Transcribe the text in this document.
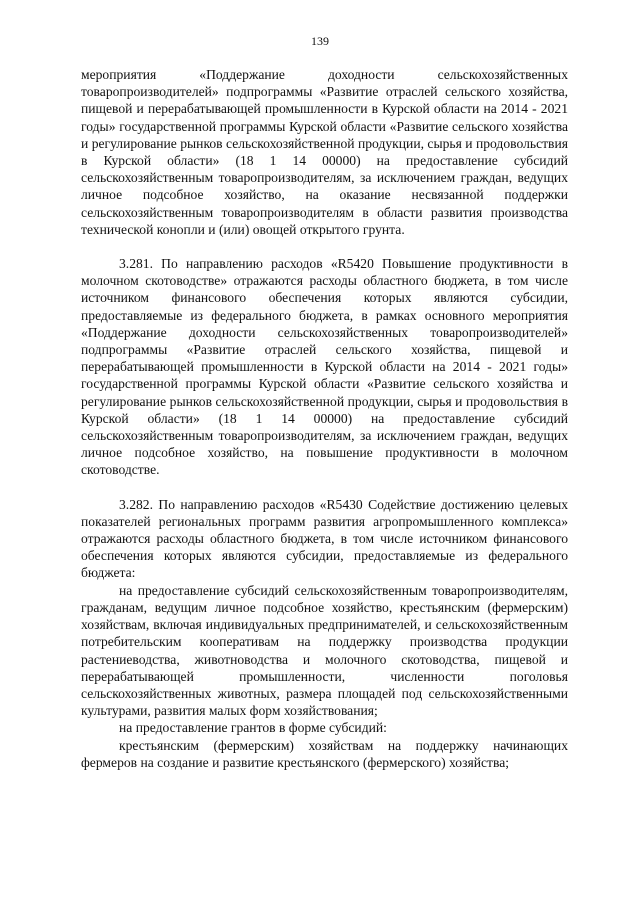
139

мероприятия «Поддержание доходности сельскохозяйственных товаропроизводителей» подпрограммы «Развитие отраслей сельского хозяйства, пищевой и перерабатывающей промышленности в Курской области на 2014 - 2021 годы» государственной программы Курской области «Развитие сельского хозяйства и регулирование рынков сельскохозяйственной продукции, сырья и продовольствия в Курской области» (18 1 14 00000) на предоставление субсидий сельскохозяйственным товаропроизводителям, за исключением граждан, ведущих личное подсобное хозяйство, на оказание несвязанной поддержки сельскохозяйственным товаропроизводителям в области развития производства технической конопли и (или) овощей открытого грунта.

3.281. По направлению расходов «R5420 Повышение продуктивности в молочном скотоводстве» отражаются расходы областного бюджета, в том числе источником финансового обеспечения которых являются субсидии, предоставляемые из федерального бюджета, в рамках основного мероприятия «Поддержание доходности сельскохозяйственных товаропроизводителей» подпрограммы «Развитие отраслей сельского хозяйства, пищевой и перерабатывающей промышленности в Курской области на 2014 - 2021 годы» государственной программы Курской области «Развитие сельского хозяйства и регулирование рынков сельскохозяйственной продукции, сырья и продовольствия в Курской области» (18 1 14 00000) на предоставление субсидий сельскохозяйственным товаропроизводителям, за исключением граждан, ведущих личное подсобное хозяйство, на повышение продуктивности в молочном скотоводстве.

3.282. По направлению расходов «R5430 Содействие достижению целевых показателей региональных программ развития агропромышленного комплекса» отражаются расходы областного бюджета, в том числе источником финансового обеспечения которых являются субсидии, предоставляемые из федерального бюджета:

на предоставление субсидий сельскохозяйственным товаропроизводителям, гражданам, ведущим личное подсобное хозяйство, крестьянским (фермерским) хозяйствам, включая индивидуальных предпринимателей, и сельскохозяйственным потребительским кооперативам на поддержку производства продукции растениеводства, животноводства и молочного скотоводства, пищевой и перерабатывающей промышленности, численности поголовья сельскохозяйственных животных, размера площадей под сельскохозяйственными культурами, развития малых форм хозяйствования;

на предоставление грантов в форме субсидий:

крестьянским (фермерским) хозяйствам на поддержку начинающих фермеров на создание и развитие крестьянского (фермерского) хозяйства;
